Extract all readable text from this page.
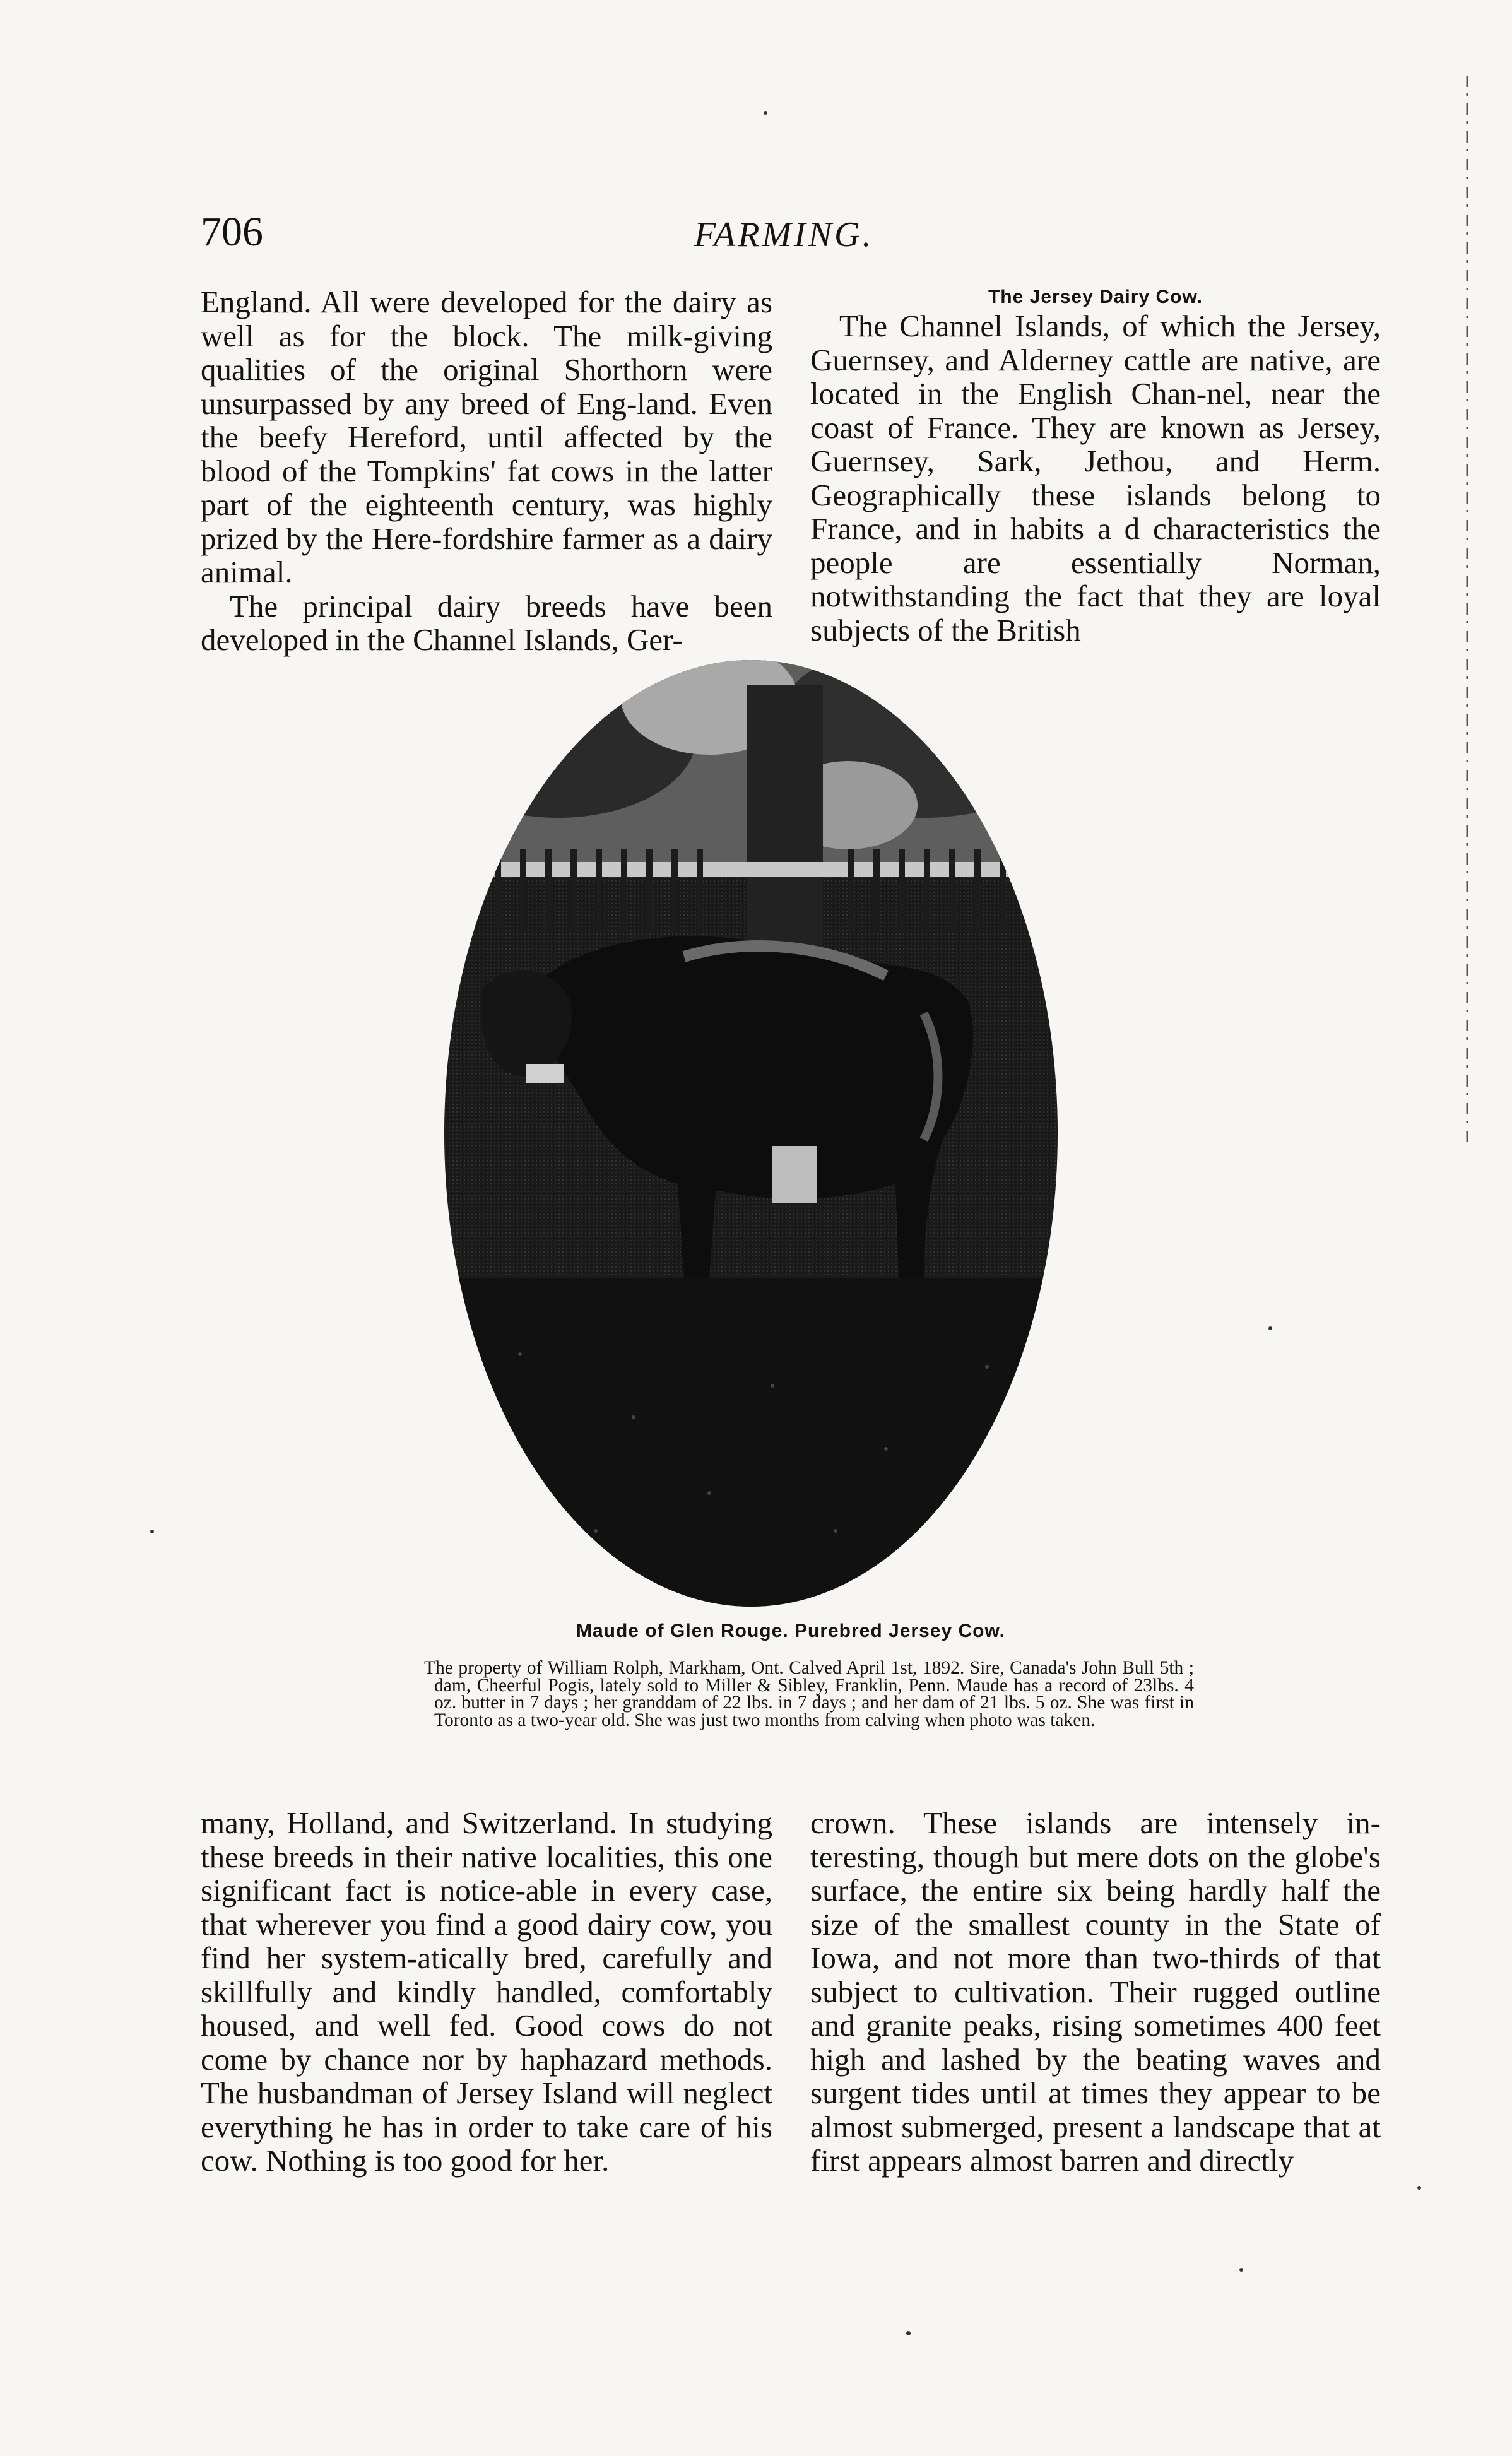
706	FARMING.

England. All were developed for the dairy as well as for the block. The milk-giving qualities of the original Shorthorn were unsurpassed by any breed of Eng-land. Even the beefy Hereford, until affected by the blood of the Tompkins' fat cows in the latter part of the eighteenth century, was highly prized by the Here-fordshire farmer as a dairy animal.

The principal dairy breeds have been developed in the Channel Islands, Ger-

The Jersey Dairy Cow.

The Channel Islands, of which the Jersey, Guernsey, and Alderney cattle are native, are located in the English Chan-nel, near the coast of France. They are known as Jersey, Guernsey, Sark, Jethou, and Herm. Geographically these islands belong to France, and in habits a d characteristics the people are essentially Norman, notwithstanding the fact that they are loyal subjects of the British

Maude of Glen Rouge. Purebred Jersey Cow.

The property of William Rolph, Markham, Ont. Calved April 1st, 1892. Sire, Canada's John Bull 5th ; dam, Cheerful Pogis, lately sold to Miller & Sibley, Franklin, Penn. Maude has a record of 23lbs. 4 oz. butter in 7 days ; her granddam of 22 lbs. in 7 days ; and her dam of 21 lbs. 5 oz. She was first in Toronto as a two-year old. She was just two months from calving when photo was taken.

many, Holland, and Switzerland. In studying these breeds in their native localities, this one significant fact is notice-able in every case, that wherever you find a good dairy cow, you find her system-atically bred, carefully and skillfully and kindly handled, comfortably housed, and well fed. Good cows do not come by chance nor by haphazard methods. The husbandman of Jersey Island will neglect everything he has in order to take care of his cow. Nothing is too good for her.

crown. These islands are intensely in-teresting, though but mere dots on the globe's surface, the entire six being hardly half the size of the smallest county in the State of Iowa, and not more than two-thirds of that subject to cultivation. Their rugged outline and granite peaks, rising sometimes 400 feet high and lashed by the beating waves and surgent tides until at times they appear to be almost submerged, present a landscape that at first appears almost barren and directly
